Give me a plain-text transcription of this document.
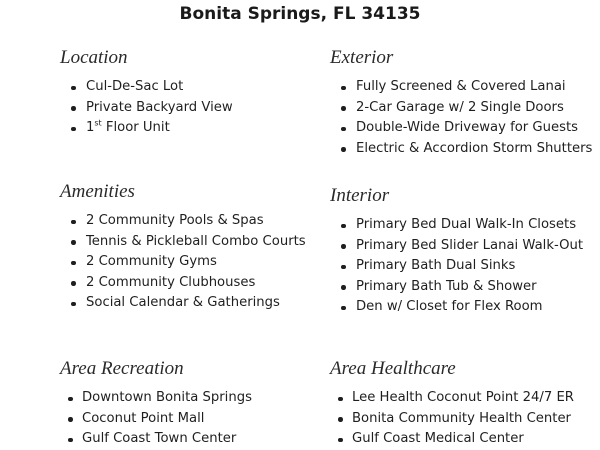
Bonita Springs, FL 34135
Location
Cul-De-Sac Lot
Private Backyard View
1st Floor Unit
Exterior
Fully Screened & Covered Lanai
2-Car Garage w/ 2 Single Doors
Double-Wide Driveway for Guests
Electric & Accordion Storm Shutters
Amenities
2 Community Pools & Spas
Tennis & Pickleball Combo Courts
2 Community Gyms
2 Community Clubhouses
Social Calendar & Gatherings
Interior
Primary Bed Dual Walk-In Closets
Primary Bed Slider Lanai Walk-Out
Primary Bath Dual Sinks
Primary Bath Tub & Shower
Den w/ Closet for Flex Room
Area Recreation
Downtown Bonita Springs
Coconut Point Mall
Gulf Coast Town Center
Area Healthcare
Lee Health Coconut Point 24/7 ER
Bonita Community Health Center
Gulf Coast Medical Center
